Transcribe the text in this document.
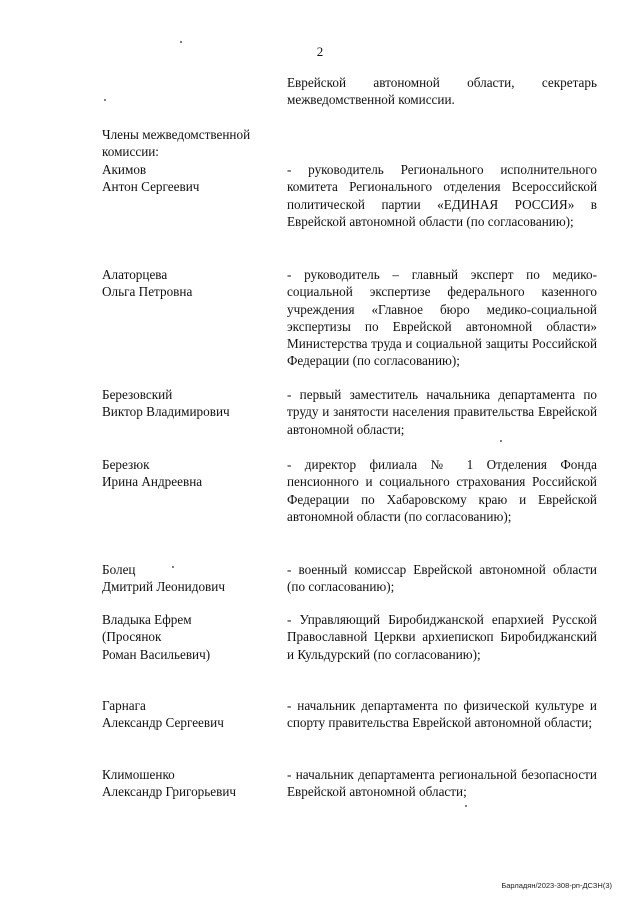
2
Еврейской автономной области, секретарь межведомственной комиссии.
Члены межведомственной комиссии:
Акимов
Антон Сергеевич
- руководитель Регионального исполнительного комитета Регионального отделения Всероссийской политической партии «ЕДИНАЯ РОССИЯ» в Еврейской автономной области (по согласованию);
Алаторцева
Ольга Петровна
- руководитель – главный эксперт по медико-социальной экспертизе федерального казенного учреждения «Главное бюро медико-социальной экспертизы по Еврейской автономной области» Министерства труда и социальной защиты Российской Федерации (по согласованию);
Березовский
Виктор Владимирович
- первый заместитель начальника департамента по труду и занятости населения правительства Еврейской автономной области;
Березюк
Ирина Андреевна
- директор филиала № 1 Отделения Фонда пенсионного и социального страхования Российской Федерации по Хабаровскому краю и Еврейской автономной области (по согласованию);
Болец
Дмитрий Леонидович
- военный комиссар Еврейской автономной области (по согласованию);
Владыка Ефрем
(Просянок
Роман Васильевич)
- Управляющий Биробиджанской епархией Русской Православной Церкви архиепископ Биробиджанский и Кульдурский (по согласованию);
Гарнага
Александр Сергеевич
- начальник департамента по физической культуре и спорту правительства Еврейской автономной области;
Климошенко
Александр Григорьевич
- начальник департамента региональной безопасности Еврейской автономной области;
Барладян/2023-308-рп-ДСЗН(3)
